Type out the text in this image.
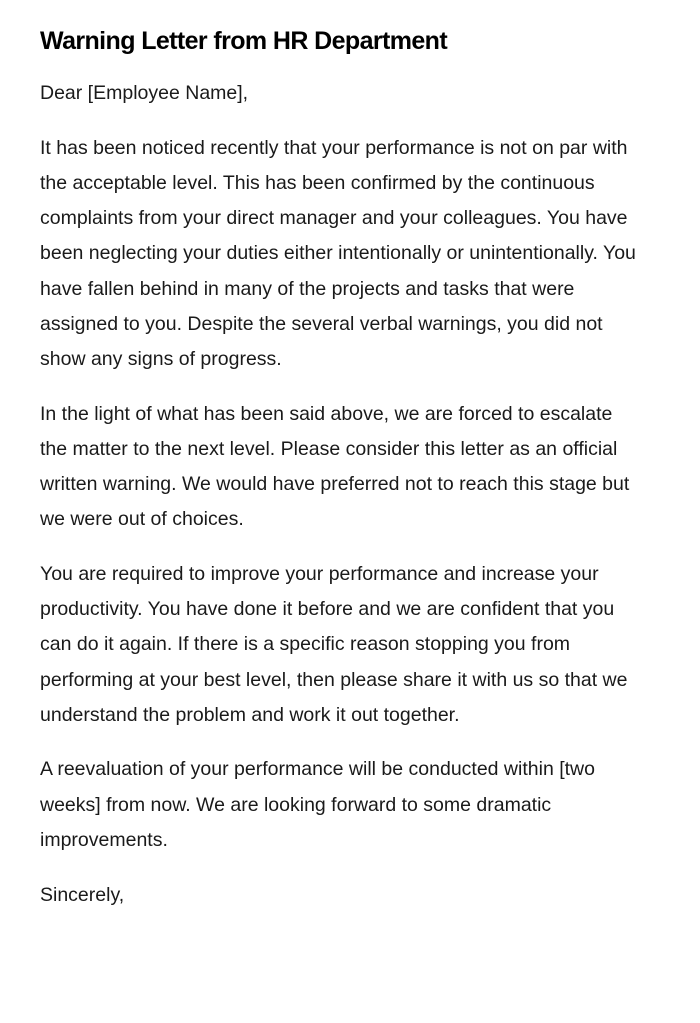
Warning Letter from HR Department

Dear [Employee Name],

It has been noticed recently that your performance is not on par with the acceptable level. This has been confirmed by the continuous complaints from your direct manager and your colleagues. You have been neglecting your duties either intentionally or unintentionally. You have fallen behind in many of the projects and tasks that were assigned to you. Despite the several verbal warnings, you did not show any signs of progress.

In the light of what has been said above, we are forced to escalate the matter to the next level. Please consider this letter as an official written warning. We would have preferred not to reach this stage but we were out of choices.

You are required to improve your performance and increase your productivity. You have done it before and we are confident that you can do it again. If there is a specific reason stopping you from performing at your best level, then please share it with us so that we understand the problem and work it out together.

A reevaluation of your performance will be conducted within [two weeks] from now. We are looking forward to some dramatic improvements.

Sincerely,
